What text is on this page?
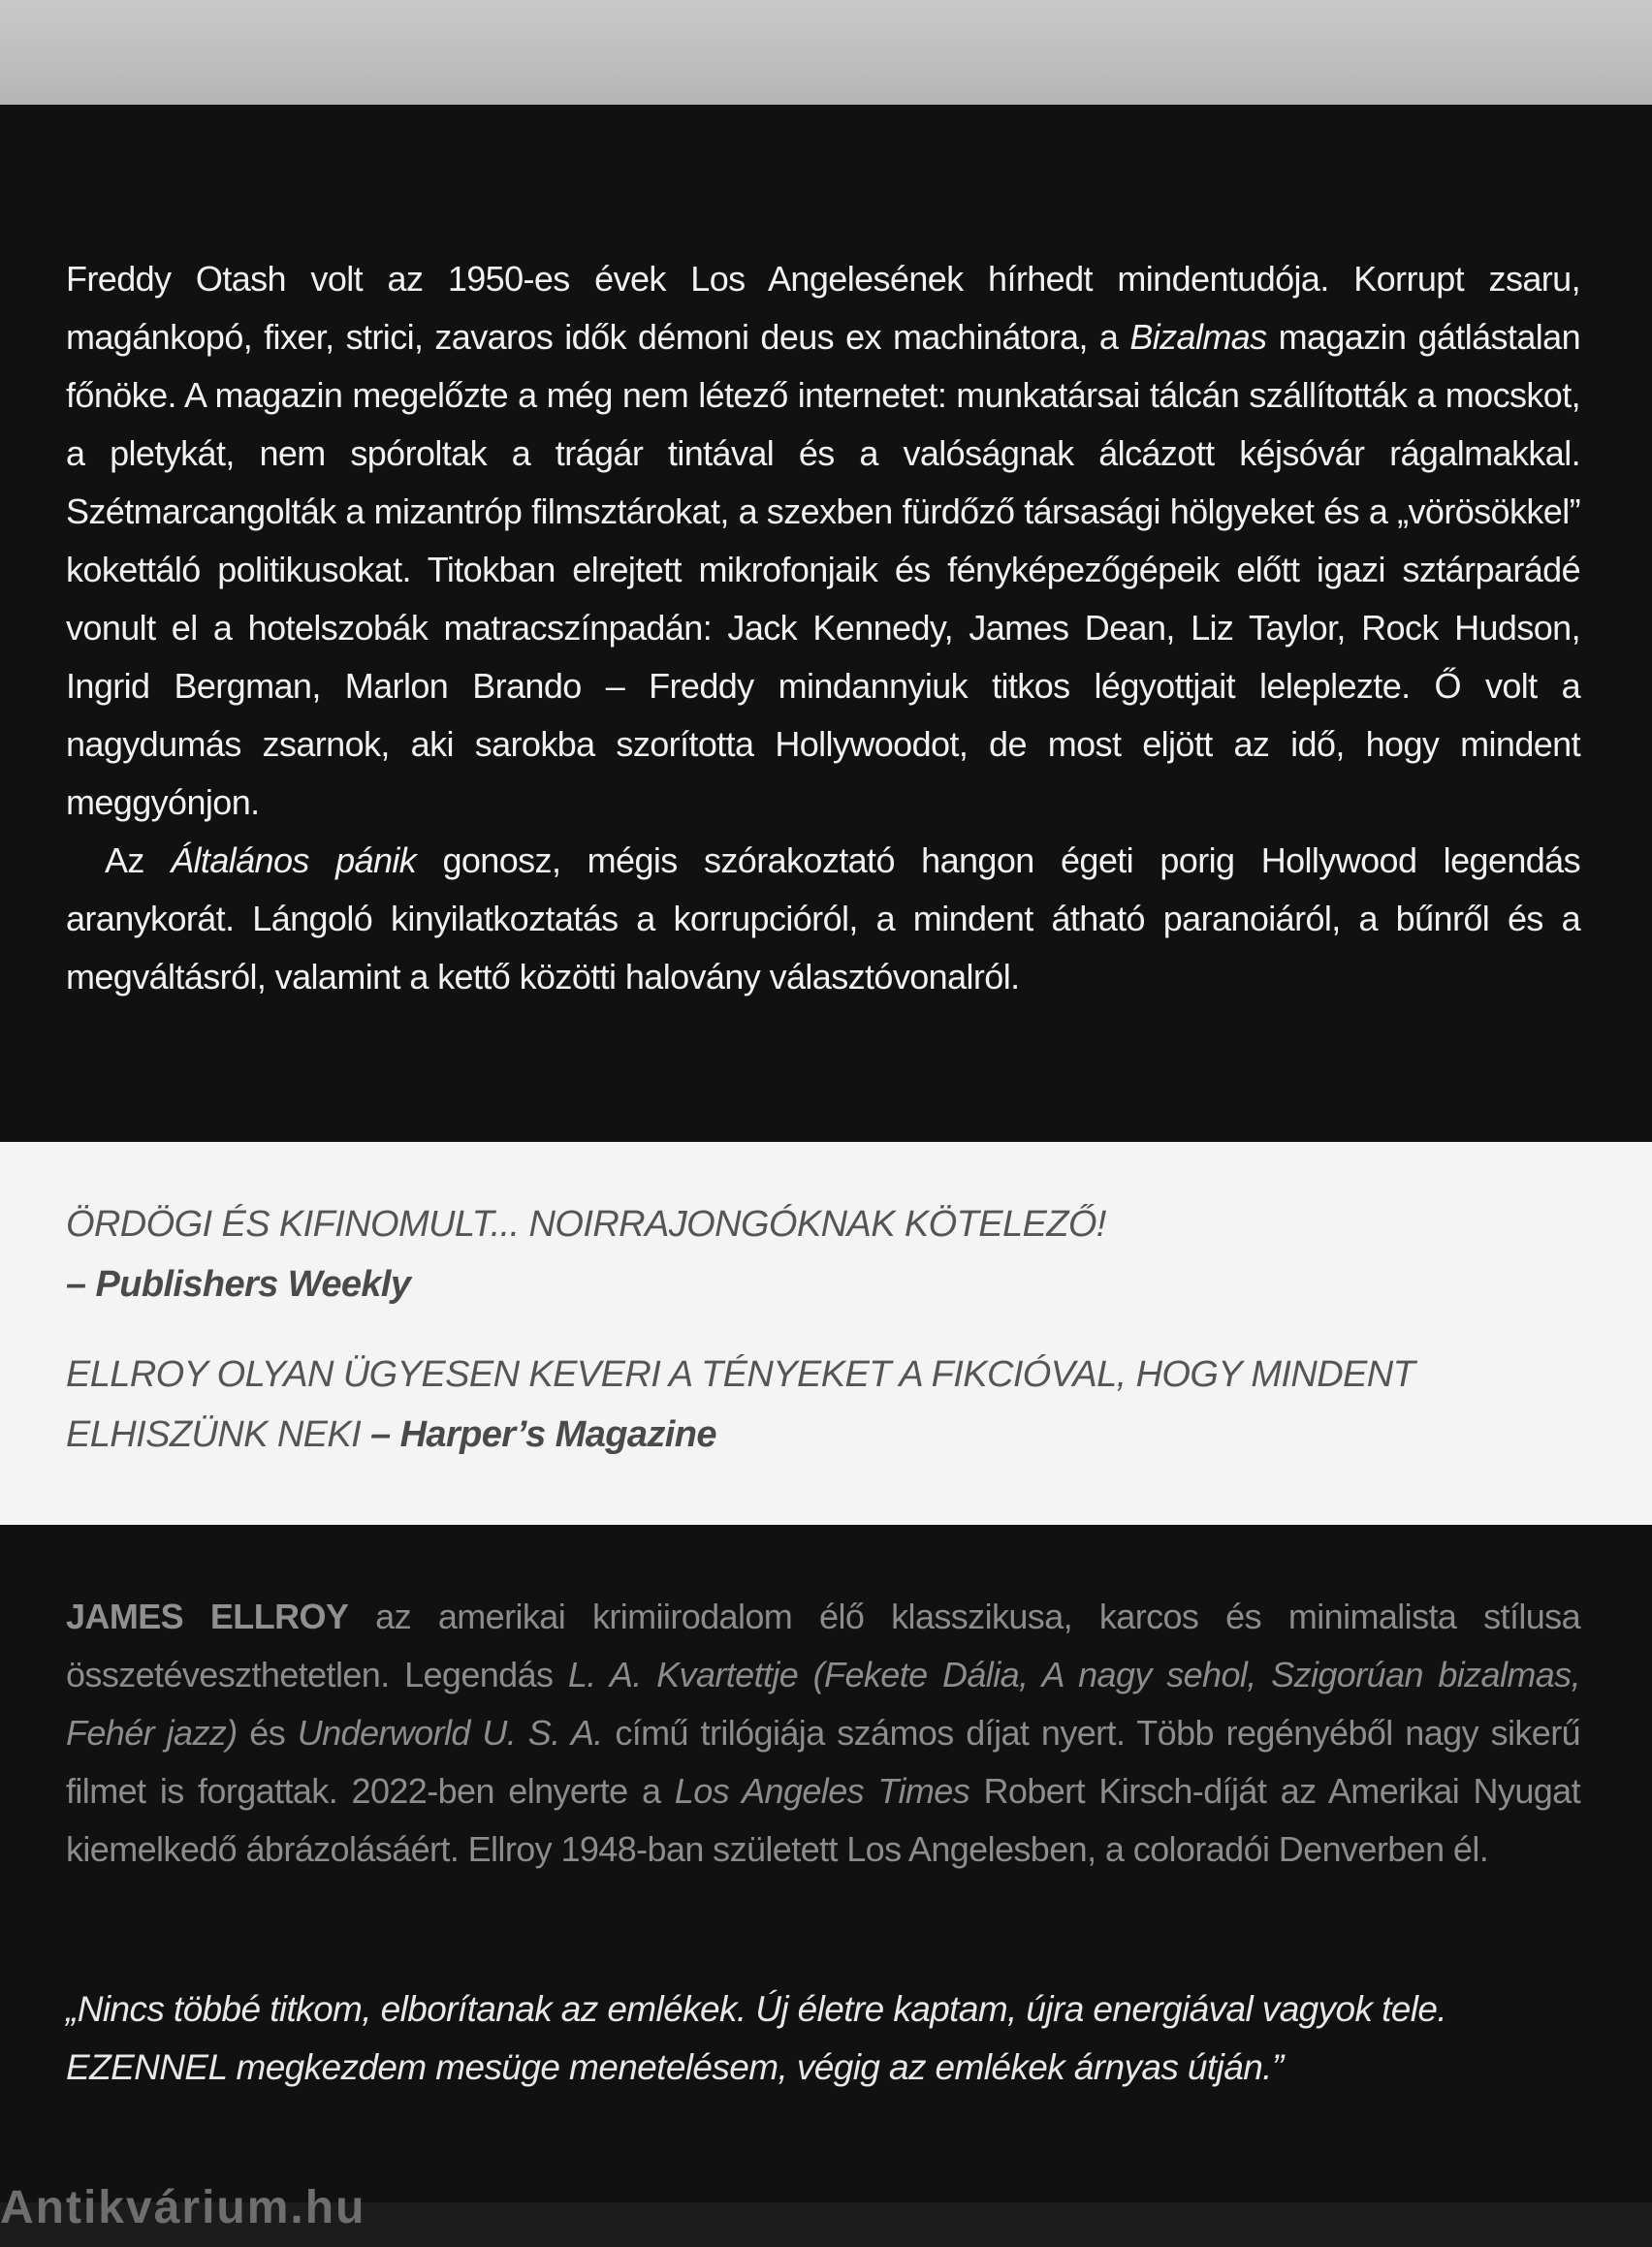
Freddy Otash volt az 1950-es évek Los Angelesének hírhedt mindentudója. Korrupt zsaru, magánkopó, fixer, strici, zavaros idők démoni deus ex machinátora, a Bizalmas magazin gátlástalan főnöke. A magazin megelőzte a még nem létező internetet: munkatársai tálcán szállították a mocskot, a pletykát, nem spóroltak a trágár tintával és a valóságnak álcázott kéjsóvár rágalmakkal. Szétmarcangolták a mizantróp filmsztárokat, a szexben fürdőző társasági hölgyeket és a „vörösökkel” kokettáló politikusokat. Titokban elrejtett mikrofonjaik és fényképezőgépeik előtt igazi sztárparádé vonult el a hotelszobák matracszínpadán: Jack Kennedy, James Dean, Liz Taylor, Rock Hudson, Ingrid Bergman, Marlon Brando – Freddy mindannyiuk titkos légyottjait leleplezte. Ő volt a nagydumás zsarnok, aki sarokba szorította Hollywoodot, de most eljött az idő, hogy mindent meggyónjon.

Az Általános pánik gonosz, mégis szórakoztató hangon égeti porig Hollywood legendás aranykorát. Lángoló kinyilatkoztatás a korrupcióról, a mindent átható paranoiáról, a bűnről és a megváltásról, valamint a kettő közötti halovány választóvonalról.

ÖRDÖGI ÉS KIFINOMULT... NOIRRAJONGÓKNAK KÖTELEZŐ!
– Publishers Weekly
ELLROY OLYAN ÜGYESEN KEVERI A TÉNYEKET A FIKCIÓVAL, HOGY MINDENT ELHISZÜNK NEKI – Harper’s Magazine
JAMES ELLROY az amerikai krimiirodalom élő klasszikusa, karcos és minimalista stílusa összetéveszthetetlen. Legendás L. A. Kvartettje (Fekete Dália, A nagy sehol, Szigorúan bizalmas, Fehér jazz) és Underworld U. S. A. című trilógiája számos díjat nyert. Több regényéből nagy sikerű filmet is forgattak. 2022-ben elnyerte a Los Angeles Times Robert Kirsch-díját az Amerikai Nyugat kiemelkedő ábrázolásáért. Ellroy 1948-ban született Los Angelesben, a coloradói Denverben él.
„Nincs többé titkom, elborítanak az emlékek. Új életre kaptam, újra energiával vagyok tele. EZENNEL megkezdem mesüge menetelésem, végig az emlékek árnyas útján.”
Antikvárium.hu
